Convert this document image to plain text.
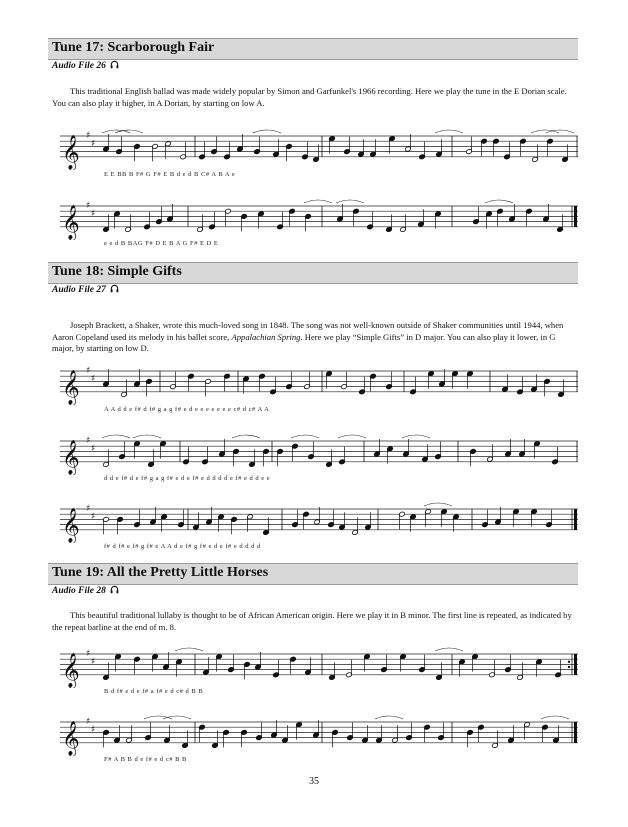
Tune 17: Scarborough Fair
Audio File 26
This traditional English ballad was made widely popular by Simon and Garfunkel's 1966 recording. Here we play the tune in the E Dorian scale. You can also play it higher, in A Dorian, by starting on low A.
𝄞 ♯
♯
E E BB B F# G F# E B d e d B C# A B A e
𝄞 ♯
♯
e e d B BAG F# D E B A G F# E D E
Tune 18: Simple Gifts
Audio File 27
Joseph Brackett, a Shaker, wrote this much-loved song in 1848. The song was not well-known outside of Shaker communities until 1944, when Aaron Copeland used its melody in his ballet score, Appalachian Spring. Here we play “Simple Gifts” in D major. You can also play it lower, in G major, by starting on low D.
𝄞 ♯
♯
A A d d e f# d f# g a g f# e d e e e e e e e c# d c# A A
𝄞 ♯
♯
d d e f# d e f# g a g f# e d e f# e d d d d e f# e d d e e
𝄞 ♯
♯
f# d f# e f# g f# e A A d e f# g f# e d e f# e d d d d
Tune 19: All the Pretty Little Horses
Audio File 28
This beautiful traditional lullaby is thought to be of African American origin. Here we play it in B minor. The first line is repeated, as indicated by the repeat barline at the end of m. 8.
𝄞 ♯
♯
B d f# e d e f# a f# e d c# d B B
𝄞 ♯
♯
F# A B B d e f# e d c# B B
35
